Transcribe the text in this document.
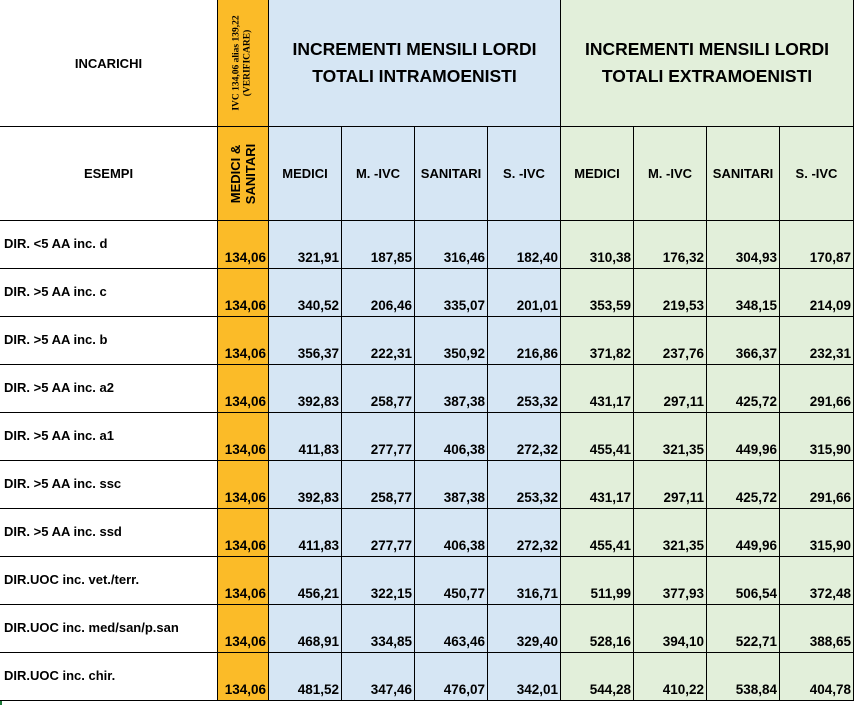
INCARICHI	IVC 134,06 alias 139,22 (VERIFICARE) INCREMENTI MENSILI LORDI
TOTALI INTRAMOENISTI
INCREMENTI MENSILI LORDI
TOTALI EXTRAMOENISTI
ESEMPI	MEDICI & SANITARI MEDICI M. -IVC SANITARI S. -IVC MEDICI M. -IVC SANITARI S. -IVC
DIR. <5 AA inc. d
134,06 321,91 187,85 316,46 182,40 310,38 176,32 304,93 170,87
DIR. >5 AA inc. c
134,06 340,52 206,46 335,07 201,01 353,59 219,53 348,15 214,09
DIR. >5 AA inc. b
134,06 356,37 222,31 350,92 216,86 371,82 237,76 366,37 232,31
DIR. >5 AA inc. a2
134,06 392,83 258,77 387,38 253,32 431,17 297,11 425,72 291,66
DIR. >5 AA inc. a1
134,06 411,83 277,77 406,38 272,32 455,41 321,35 449,96 315,90
DIR. >5 AA inc. ssc
134,06 392,83 258,77 387,38 253,32 431,17 297,11 425,72 291,66
DIR. >5 AA inc. ssd
134,06 411,83 277,77 406,38 272,32 455,41 321,35 449,96 315,90
DIR.UOC inc. vet./terr.
134,06 456,21 322,15 450,77 316,71 511,99 377,93 506,54 372,48
DIR.UOC inc. med/san/p.san
134,06 468,91 334,85 463,46 329,40 528,16 394,10 522,71 388,65
DIR.UOC inc. chir.
134,06 481,52 347,46 476,07 342,01 544,28 410,22 538,84 404,78
